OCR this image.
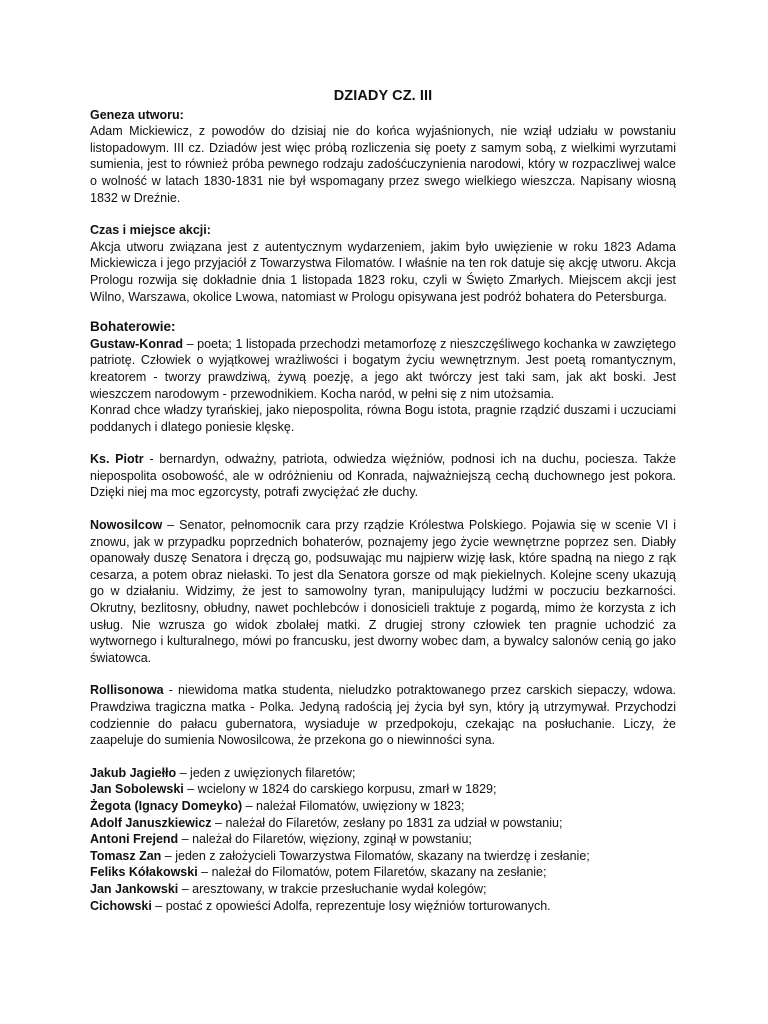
DZIADY CZ. III
Geneza utworu:

Adam Mickiewicz, z powodów do dzisiaj nie do końca wyjaśnionych, nie wziął udziału w powstaniu listopadowym. III cz. Dziadów jest więc próbą rozliczenia się poety z samym sobą, z wielkimi wyrzutami sumienia, jest to również próba pewnego rodzaju zadośćuczynienia narodowi, który w rozpaczliwej walce o wolność w latach 1830-1831 nie był wspomagany przez swego wielkiego wieszcza. Napisany wiosną 1832 w Dreźnie.

Czas i miejsce akcji:

Akcja utworu związana jest z autentycznym wydarzeniem, jakim było uwięzienie w roku 1823 Adama Mickiewicza i jego przyjaciół z Towarzystwa Filomatów. I właśnie na ten rok datuje się akcję utworu. Akcja Prologu rozwija się dokładnie dnia 1 listopada 1823 roku, czyli w Święto Zmarłych. Miejscem akcji jest Wilno, Warszawa, okolice Lwowa, natomiast w Prologu opisywana jest podróż bohatera do Petersburga.

Bohaterowie:

Gustaw-Konrad – poeta; 1 listopada przechodzi metamorfozę z nieszczęśliwego kochanka w zawziętego patriotę. Człowiek o wyjątkowej wrażliwości i bogatym życiu wewnętrznym. Jest poetą romantycznym, kreatorem - tworzy prawdziwą, żywą poezję, a jego akt twórczy jest taki sam, jak akt boski. Jest wieszczem narodowym - przewodnikiem. Kocha naród, w pełni się z nim utożsamia.

Konrad chce władzy tyrańskiej, jako niepospolita, równa Bogu istota, pragnie rządzić duszami i uczuciami poddanych i dlatego poniesie klęskę.

Ks. Piotr - bernardyn, odważny, patriota, odwiedza więźniów, podnosi ich na duchu, pociesza. Także niepospolita osobowość, ale w odróżnieniu od Konrada, najważniejszą cechą duchownego jest pokora. Dzięki niej ma moc egzorcysty, potrafi zwyciężać złe duchy.

Nowosilcow – Senator, pełnomocnik cara przy rządzie Królestwa Polskiego. Pojawia się w scenie VI i znowu, jak w przypadku poprzednich bohaterów, poznajemy jego życie wewnętrzne poprzez sen. Diabły opanowały duszę Senatora i dręczą go, podsuwając mu najpierw wizję łask, które spadną na niego z rąk cesarza, a potem obraz niełaski. To jest dla Senatora gorsze od mąk piekielnych. Kolejne sceny ukazują go w działaniu. Widzimy, że jest to samowolny tyran, manipulujący ludźmi w poczuciu bezkarności. Okrutny, bezlitosny, obłudny, nawet pochlebców i donosicieli traktuje z pogardą, mimo że korzysta z ich usług. Nie wzrusza go widok zbolałej matki. Z drugiej strony człowiek ten pragnie uchodzić za wytwornego i kulturalnego, mówi po francusku, jest dworny wobec dam, a bywalcy salonów cenią go jako światowca.

Rollisonowa - niewidoma matka studenta, nieludzko potraktowanego przez carskich siepaczy, wdowa. Prawdziwa tragiczna matka - Polka. Jedyną radością jej życia był syn, który ją utrzymywał. Przychodzi codziennie do pałacu gubernatora, wysiaduje w przedpokoju, czekając na posłuchanie. Liczy, że zaapeluje do sumienia Nowosilcowa, że przekona go o niewinności syna.

Jakub Jagiełło – jeden z uwięzionych filaretów;
Jan Sobolewski – wcielony w 1824 do carskiego korpusu, zmarł w 1829;
Żegota (Ignacy Domeyko) – należał Filomatów, uwięziony w 1823;
Adolf Januszkiewicz – należał do Filaretów, zesłany po 1831 za udział w powstaniu;
Antoni Frejend – należał do Filaretów, więziony, zginął w powstaniu;
Tomasz Zan – jeden z założycieli Towarzystwa Filomatów, skazany na twierdzę i zesłanie;
Feliks Kółakowski – należał do Filomatów, potem Filaretów, skazany na zesłanie;
Jan Jankowski – aresztowany, w trakcie przesłuchanie wydał kolegów;
Cichowski – postać z opowieści Adolfa, reprezentuje losy więźniów torturowanych.
